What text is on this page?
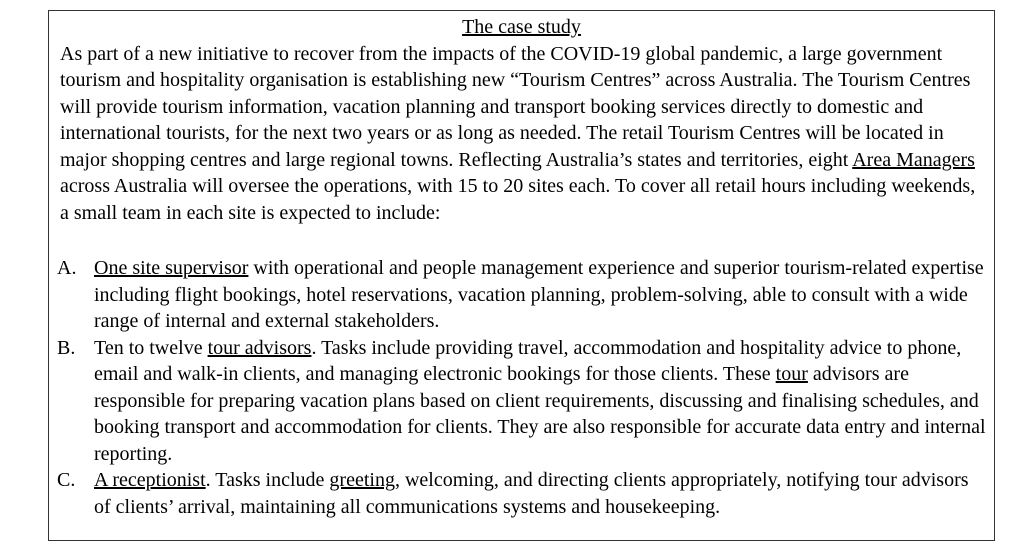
The case study

As part of a new initiative to recover from the impacts of the COVID-19 global pandemic, a large government tourism and hospitality organisation is establishing new “Tourism Centres” across Australia. The Tourism Centres will provide tourism information, vacation planning and transport booking services directly to domestic and international tourists, for the next two years or as long as needed. The retail Tourism Centres will be located in major shopping centres and large regional towns. Reflecting Australia’s states and territories, eight Area Managers across Australia will oversee the operations, with 15 to 20 sites each. To cover all retail hours including weekends, a small team in each site is expected to include:

A. One site supervisor with operational and people management experience and superior tourism-related expertise including flight bookings, hotel reservations, vacation planning, problem-solving, able to consult with a wide range of internal and external stakeholders.
B. Ten to twelve tour advisors. Tasks include providing travel, accommodation and hospitality advice to phone, email and walk-in clients, and managing electronic bookings for those clients. These tour advisors are responsible for preparing vacation plans based on client requirements, discussing and finalising schedules, and booking transport and accommodation for clients. They are also responsible for accurate data entry and internal reporting.
C. A receptionist. Tasks include greeting, welcoming, and directing clients appropriately, notifying tour advisors of clients’ arrival, maintaining all communications systems and housekeeping.
